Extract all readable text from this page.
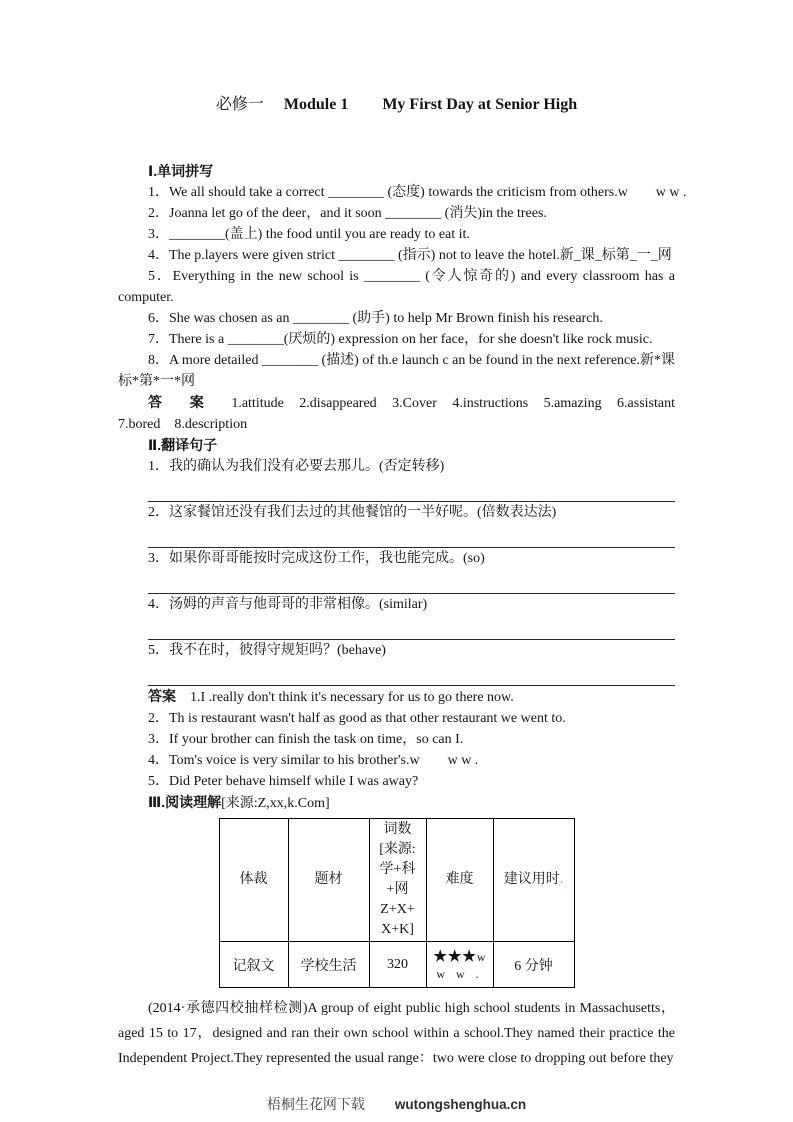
必修一 Module 1 My First Day at Senior High

Ⅰ.单词拼写

1．We all should take a correct ________ (态度) towards the criticism from others.w　　w w .

2．Joanna let go of the deer，and it soon ________ (消失)in the trees.

3．________(盖上) the food until you are ready to eat it.

4．The p.layers were given strict ________ (指示) not to leave the hotel.新_课_标第_一_网

5．Everything in the new school is ________ (令人惊奇的) and every classroom has a

computer.

6．She was chosen as an ________ (助手) to help Mr Brown finish his research.

7．There is a ________(厌烦的) expression on her face，for she doesn't like rock music.

8．A more detailed ________ (描述) of th.e launch c an be found in the next reference.新*课

标*第*一*网

答 案 1.attitude 2.disappeared 3.Cover 4.instructions 5.amazing 6.assistant

7.bored　8.description

Ⅱ.翻译句子

1．我的确认为我们没有必要去那儿。(否定转移)

2．这家餐馆还没有我们去过的其他餐馆的一半好呢。(倍数表达法)

3．如果你哥哥能按时完成这份工作，我也能完成。(so)

4．汤姆的声音与他哥哥的非常相像。(similar)

5．我不在时，彼得守规矩吗？(behave)

答案　1.I .really don't think it's necessary for us to go there now.

2．Th is restaurant wasn't half as good as that other restaurant we went to.

3．If your brother can finish the task on time，so can I.

4．Tom's voice is very similar to his brother's.w　　w w .

5．Did Peter behave himself while I was away?

Ⅲ.阅读理解[来源:Z,xx,k.Com]

体裁	题材	词数
[来源:
学+科
+网
Z+X+
X+K]	难度	建议用时.
记叙文	学校生活	320	★★★w
w w .	6 分钟

(2014·承德四校抽样检测)A group of eight public high school students in Massachusetts，aged 15 to 17，designed and ran their own school within a school.They named their practice the Independent Project.They represented the usual range：two were close to dropping out before they

梧桐生花网下载 wutongshenghua.cn
